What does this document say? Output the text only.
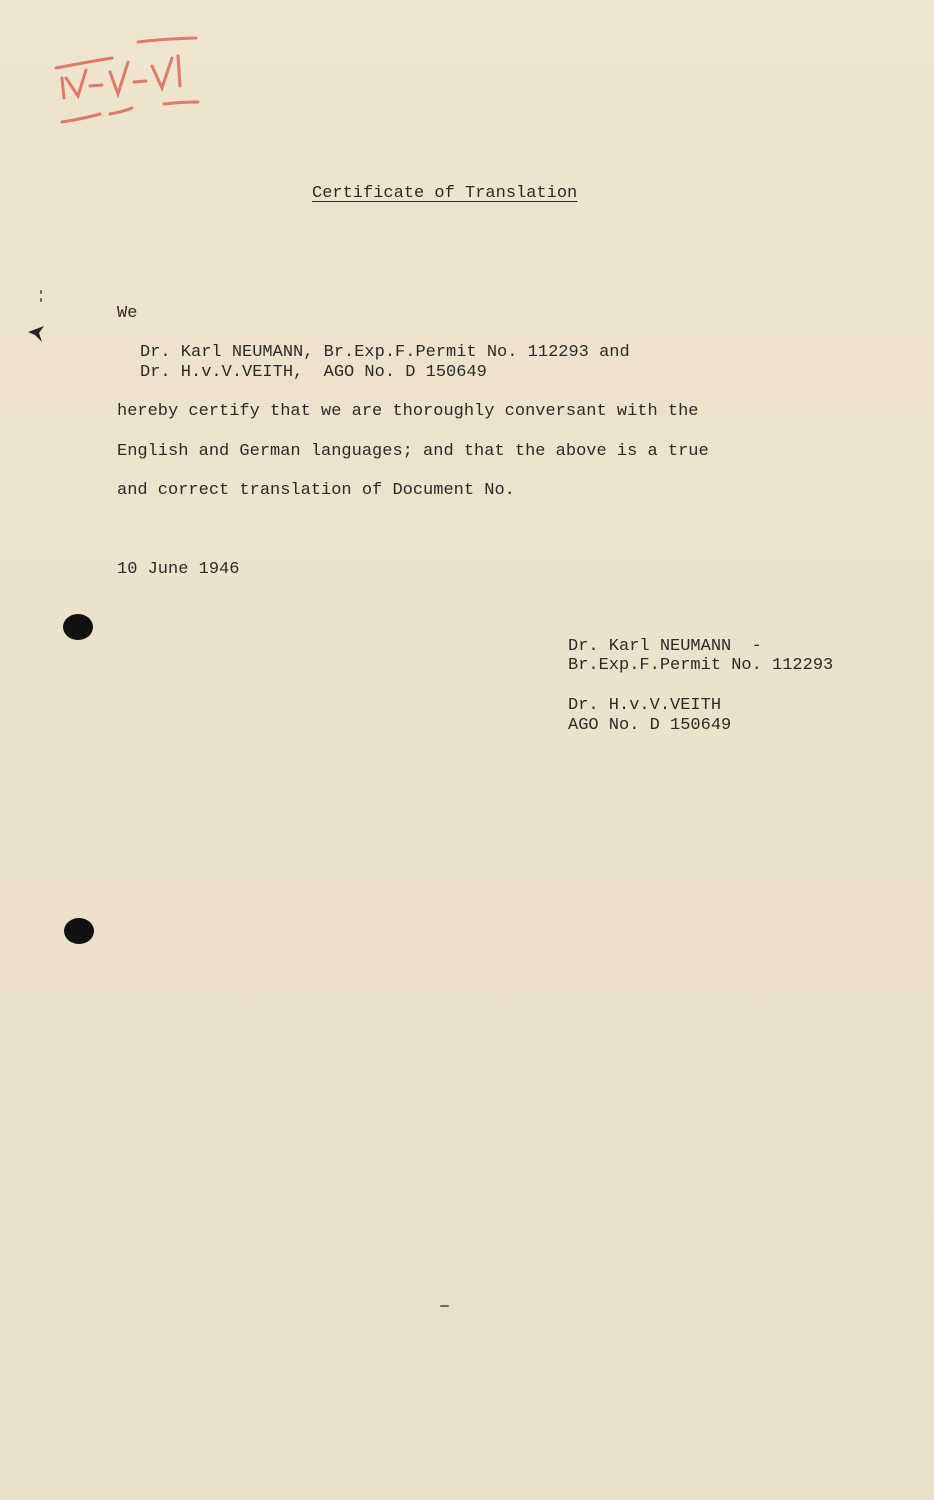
Certificate of Translation
We
Dr. Karl NEUMANN, Br.Exp.F.Permit No. 112293 and
Dr. H.v.V.VEITH,  AGO No. D 150649
hereby certify that we are thoroughly conversant with the
English and German languages; and that the above is a true
and correct translation of Document No.
10 June 1946
Dr. Karl NEUMANN  -
Br.Exp.F.Permit No. 112293
Dr. H.v.V.VEITH
AGO No. D 150649
